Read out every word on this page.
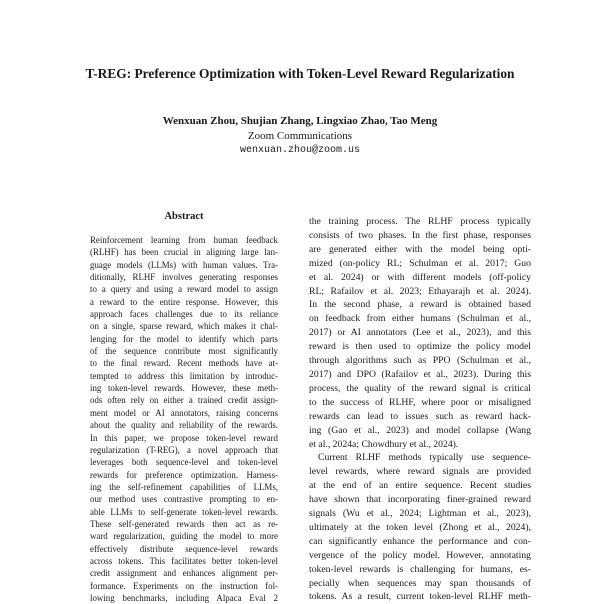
T-REG: Preference Optimization with Token-Level Reward Regularization
Wenxuan Zhou, Shujian Zhang, Lingxiao Zhao, Tao Meng
Zoom Communications
wenxuan.zhou@zoom.us
Abstract
Reinforcement learning from human feedback
(RLHF) has been crucial in aligning large lan-
guage models (LLMs) with human values. Tra-
ditionally, RLHF involves generating responses
to a query and using a reward model to assign
a reward to the entire response. However, this
approach faces challenges due to its reliance
on a single, sparse reward, which makes it chal-
lenging for the model to identify which parts
of the sequence contribute most significantly
to the final reward. Recent methods have at-
tempted to address this limitation by introduc-
ing token-level rewards. However, these meth-
ods often rely on either a trained credit assign-
ment model or AI annotators, raising concerns
about the quality and reliability of the rewards.
In this paper, we propose token-level reward
regularization (T-REG), a novel approach that
leverages both sequence-level and token-level
rewards for preference optimization. Harness-
ing the self-refinement capabilities of LLMs,
our method uses contrastive prompting to en-
able LLMs to self-generate token-level rewards.
These self-generated rewards then act as re-
ward regularization, guiding the model to more
effectively distribute sequence-level rewards
across tokens. This facilitates better token-level
credit assignment and enhances alignment per-
formance. Experiments on the instruction fol-
lowing benchmarks, including Alpaca Eval 2
the training process. The RLHF process typically
consists of two phases. In the first phase, responses
are generated either with the model being opti-
mized (on-policy RL; Schulman et al. 2017; Guo
et al. 2024) or with different models (off-policy
RL; Rafailov et al. 2023; Ethayarajh et al. 2024).
In the second phase, a reward is obtained based
on feedback from either humans (Schulman et al.,
2017) or AI annotators (Lee et al., 2023), and this
reward is then used to optimize the policy model
through algorithms such as PPO (Schulman et al.,
2017) and DPO (Rafailov et al., 2023). During this
process, the quality of the reward signal is critical
to the success of RLHF, where poor or misaligned
rewards can lead to issues such as reward hack-
ing (Gao et al., 2023) and model collapse (Wang
et al., 2024a; Chowdhury et al., 2024).
Current RLHF methods typically use sequence-
level rewards, where reward signals are provided
at the end of an entire sequence. Recent studies
have shown that incorporating finer-grained reward
signals (Wu et al., 2024; Lightman et al., 2023),
ultimately at the token level (Zhong et al., 2024),
can significantly enhance the performance and con-
vergence of the policy model. However, annotating
token-level rewards is challenging for humans, es-
pecially when sequences may span thousands of
tokens. As a result, current token-level RLHF meth-
